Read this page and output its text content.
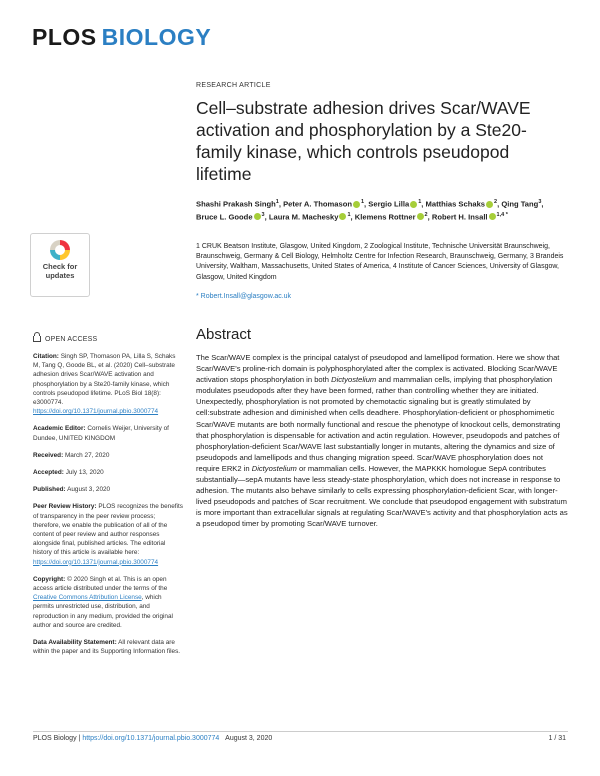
PLOS BIOLOGY
RESEARCH ARTICLE
Cell–substrate adhesion drives Scar/WAVE activation and phosphorylation by a Ste20-family kinase, which controls pseudopod lifetime
Shashi Prakash Singh$^1$, Peter A. Thomason $^1$, Sergio Lilla $^1$, Matthias Schaks $^2$, Qing Tang$^3$, Bruce L. Goode $^3$, Laura M. Machesky $^1$, Klemens Rottner $^2$, Robert H. Insall $^{1,4 *}$
1 CRUK Beatson Institute, Glasgow, United Kingdom, 2 Zoological Institute, Technische Universität Braunschweig, Braunschweig, Germany & Cell Biology, Helmholtz Centre for Infection Research, Braunschweig, Germany, 3 Brandeis University, Waltham, Massachusetts, United States of America, 4 Institute of Cancer Sciences, University of Glasgow, Glasgow, United Kingdom
* Robert.Insall@glasgow.ac.uk
Check for
updates
OPEN ACCESS

Citation: Singh SP, Thomason PA, Lilla S, Schaks M, Tang Q, Goode BL, et al. (2020) Cell–substrate adhesion drives Scar/WAVE activation and phosphorylation by a Ste20-family kinase, which controls pseudopod lifetime. PLoS Biol 18(8): e3000774. https://doi.org/10.1371/journal.pbio.3000774

Academic Editor: Cornelis Weijer, University of Dundee, UNITED KINGDOM

Received: March 27, 2020

Accepted: July 13, 2020

Published: August 3, 2020

Peer Review History: PLOS recognizes the benefits of transparency in the peer review process; therefore, we enable the publication of all of the content of peer review and author responses alongside final, published articles. The editorial history of this article is available here: https://doi.org/10.1371/journal.pbio.3000774

Copyright: © 2020 Singh et al. This is an open access article distributed under the terms of the Creative Commons Attribution License, which permits unrestricted use, distribution, and reproduction in any medium, provided the original author and source are credited.

Data Availability Statement: All relevant data are within the paper and its Supporting Information files.

Abstract

The Scar/WAVE complex is the principal catalyst of pseudopod and lamellipod formation. Here we show that Scar/WAVE's proline-rich domain is polyphosphorylated after the complex is activated. Blocking Scar/WAVE activation stops phosphorylation in both Dictyostelium and mammalian cells, implying that phosphorylation modulates pseudopods after they have been formed, rather than controlling whether they are initiated. Unexpectedly, phosphorylation is not promoted by chemotactic signaling but is greatly stimulated by cell:substrate adhesion and diminished when cells deadhere. Phosphorylation-deficient or phosphomimetic Scar/WAVE mutants are both normally functional and rescue the phenotype of knockout cells, demonstrating that phosphorylation is dispensable for activation and actin regulation. However, pseudopods and patches of phosphorylation-deficient Scar/WAVE last substantially longer in mutants, altering the dynamics and size of pseudopods and lamellipods and thus changing migration speed. Scar/WAVE phosphorylation does not require ERK2 in Dictyostelium or mammalian cells. However, the MAPKKK homologue SepA contributes substantially—sepA mutants have less steady-state phosphorylation, which does not increase in response to adhesion. The mutants also behave similarly to cells expressing phosphorylation-deficient Scar, with longer-lived pseudopods and patches of Scar recruitment. We conclude that pseudopod engagement with substratum is more important than extracellular signals at regulating Scar/WAVE's activity and that phosphorylation acts as a pseudopod timer by promoting Scar/WAVE turnover.

PLOS Biology | https://doi.org/10.1371/journal.pbio.3000774 August 3, 2020	1 / 31
